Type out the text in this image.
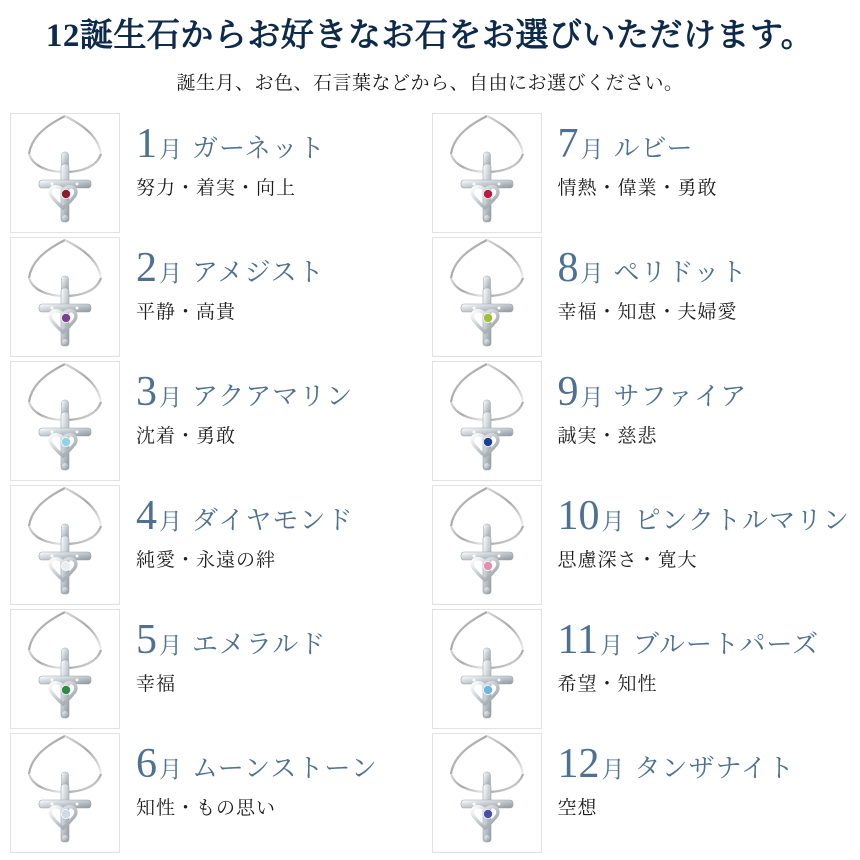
12誕生石からお好きなお石をお選びいただけます。
誕生月、お色、石言葉などから、自由にお選びください。
1 月 ガーネット
努力・着実・向上
7 月 ルビー
情熱・偉業・勇敢
2 月 アメジスト
平静・高貴
8 月 ペリドット
幸福・知恵・夫婦愛
3 月 アクアマリン
沈着・勇敢
9 月 サファイア
誠実・慈悲
4 月 ダイヤモンド
純愛・永遠の絆
10 月 ピンクトルマリン
思慮深さ・寛大
5 月 エメラルド
幸福
11 月 ブルートパーズ
希望・知性
6 月 ムーンストーン
知性・もの思い
12 月 タンザナイト
空想
